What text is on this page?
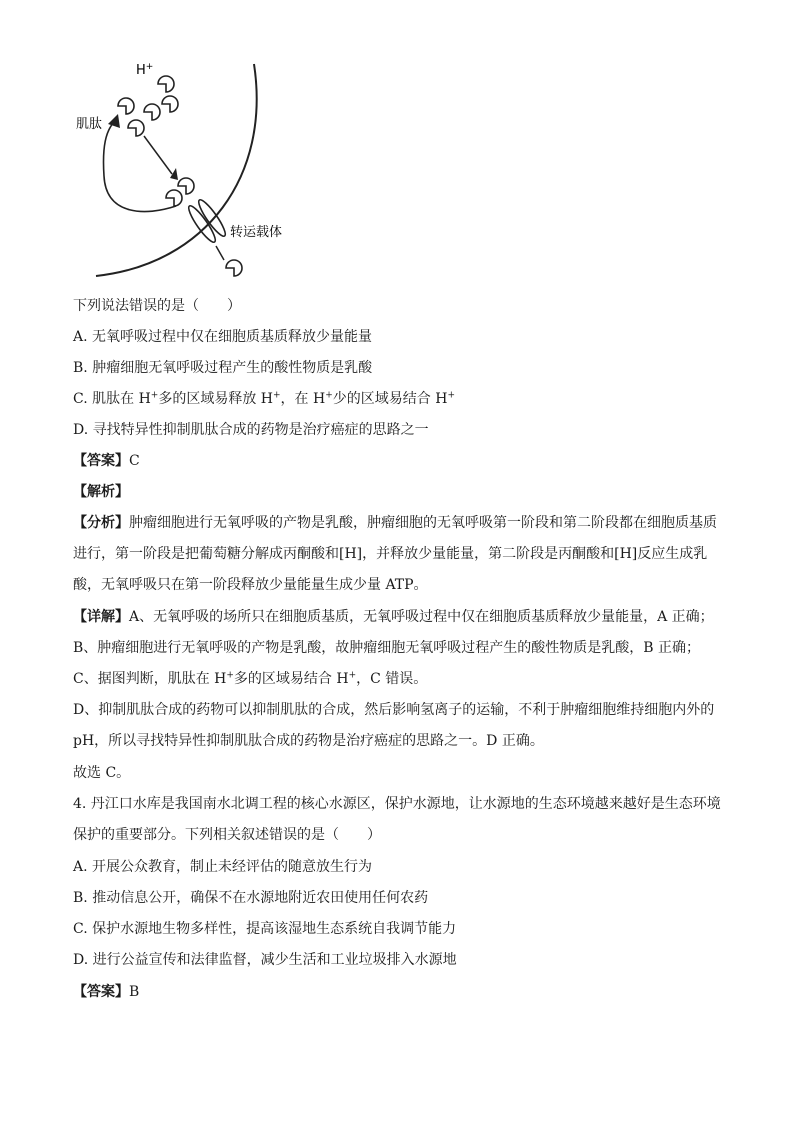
H+
肌肽
转运载体
下列说法错误的是（　　）
A. 无氧呼吸过程中仅在细胞质基质释放少量能量
B. 肿瘤细胞无氧呼吸过程产生的酸性物质是乳酸
C. 肌肽在 H+多的区域易释放 H+，在 H+少的区域易结合 H+
D. 寻找特异性抑制肌肽合成的药物是治疗癌症的思路之一
【答案】C
【解析】
【分析】肿瘤细胞进行无氧呼吸的产物是乳酸，肿瘤细胞的无氧呼吸第一阶段和第二阶段都在细胞质基质进行，第一阶段是把葡萄糖分解成丙酮酸和[H]，并释放少量能量，第二阶段是丙酮酸和[H]反应生成乳酸，无氧呼吸只在第一阶段释放少量能量生成少量 ATP。
【详解】A、无氧呼吸的场所只在细胞质基质，无氧呼吸过程中仅在细胞质基质释放少量能量，A 正确；
B、肿瘤细胞进行无氧呼吸的产物是乳酸，故肿瘤细胞无氧呼吸过程产生的酸性物质是乳酸，B 正确；
C、据图判断，肌肽在 H+多的区域易结合 H+，C 错误。
D、抑制肌肽合成的药物可以抑制肌肽的合成，然后影响氢离子的运输，不利于肿瘤细胞维持细胞内外的 pH，所以寻找特异性抑制肌肽合成的药物是治疗癌症的思路之一。D 正确。
故选 C。
4. 丹江口水库是我国南水北调工程的核心水源区，保护水源地，让水源地的生态环境越来越好是生态环境保护的重要部分。下列相关叙述错误的是（　　）
A. 开展公众教育，制止未经评估的随意放生行为
B. 推动信息公开，确保不在水源地附近农田使用任何农药
C. 保护水源地生物多样性，提高该湿地生态系统自我调节能力
D. 进行公益宣传和法律监督，减少生活和工业垃圾排入水源地
【答案】B
